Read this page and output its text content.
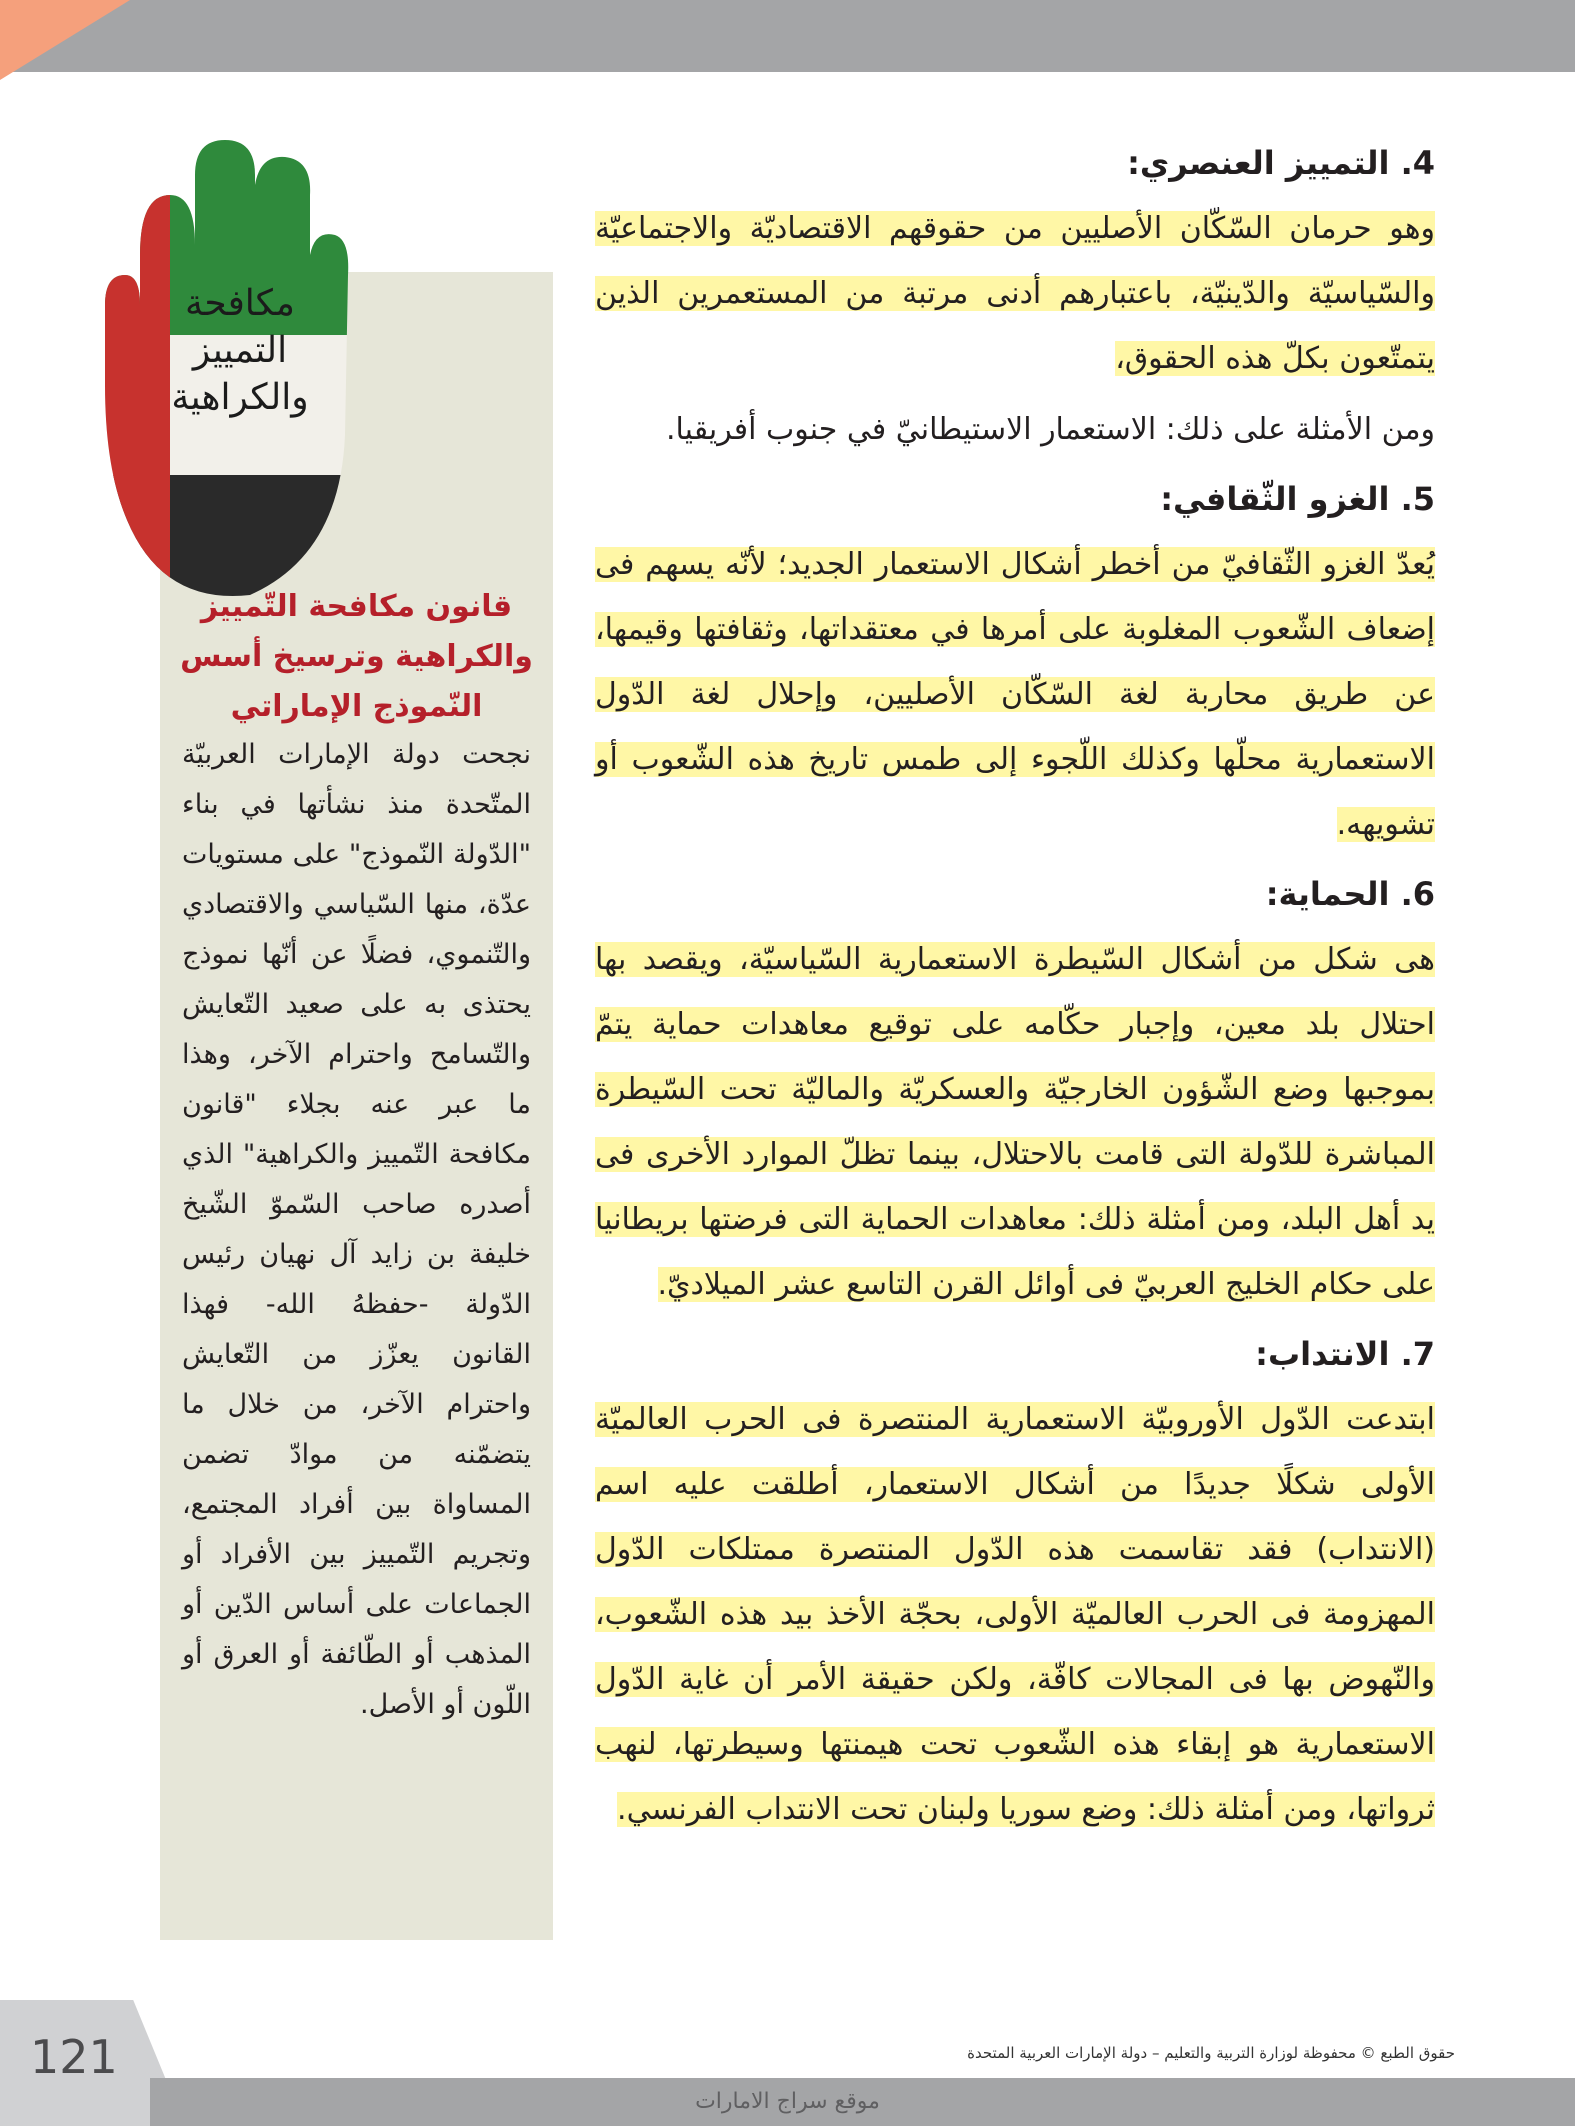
4. التمييز العنصري:

وهو حرمان السّكّان الأصليين من حقوقهم الاقتصاديّة والاجتماعيّة والسّياسيّة والدّينيّة، باعتبارهم أدنى مرتبة من المستعمرين الذين يتمتّعون بكلّ هذه الحقوق،

ومن الأمثلة على ذلك: الاستعمار الاستيطانيّ في جنوب أفريقيا.

5. الغزو الثّقافي:

يُعدّ الغزو الثّقافيّ من أخطر أشكال الاستعمار الجديد؛ لأنّه يسهم فى إضعاف الشّعوب المغلوبة على أمرها في معتقداتها، وثقافتها وقيمها، عن طريق محاربة لغة السّكّان الأصليين، وإحلال لغة الدّول الاستعمارية محلّها وكذلك اللّجوء إلى طمس تاريخ هذه الشّعوب أو تشويهه.

6. الحماية:

هى شكل من أشكال السّيطرة الاستعمارية السّياسيّة، ويقصد بها احتلال بلد معين، وإجبار حكّامه على توقيع معاهدات حماية يتمّ بموجبها وضع الشّؤون الخارجيّة والعسكريّة والماليّة تحت السّيطرة المباشرة للدّولة التى قامت بالاحتلال، بينما تظلّ الموارد الأخرى فى يد أهل البلد، ومن أمثلة ذلك: معاهدات الحماية التى فرضتها بريطانيا على حكام الخليج العربيّ فى أوائل القرن التاسع عشر الميلاديّ.

7. الانتداب:

ابتدعت الدّول الأوروبيّة الاستعمارية المنتصرة فى الحرب العالميّة الأولى شكلًا جديدًا من أشكال الاستعمار، أطلقت عليه اسم (الانتداب) فقد تقاسمت هذه الدّول المنتصرة ممتلكات الدّول المهزومة فى الحرب العالميّة الأولى، بحجّة الأخذ بيد هذه الشّعوب، والنّهوض بها فى المجالات كافّة، ولكن حقيقة الأمر أن غاية الدّول الاستعمارية هو إبقاء هذه الشّعوب تحت هيمنتها وسيطرتها، لنهب ثرواتها، ومن أمثلة ذلك: وضع سوريا ولبنان تحت الانتداب الفرنسي.

قانون مكافحة التّمييز والكراهية وترسيخ أسس النّموذج الإماراتي
نجحت دولة الإمارات العربيّة المتّحدة منذ نشأتها في بناء "الدّولة النّموذج" على مستويات عدّة، منها السّياسي والاقتصادي والتّنموي، فضلًا عن أنّها نموذج يحتذى به على صعيد التّعايش والتّسامح واحترام الآخر، وهذا ما عبر عنه بجلاء "قانون مكافحة التّمييز والكراهية" الذي أصدره صاحب السّموّ الشّيخ خليفة بن زايد آل نهيان رئيس الدّولة -حفظهُ الله- فهذا القانون يعزّز من التّعايش واحترام الآخر، من خلال ما يتضمّنه من موادّ تضمن المساواة بين أفراد المجتمع، وتجريم التّمييز بين الأفراد أو الجماعات على أساس الدّين أو المذهب أو الطّائفة أو العرق أو اللّون أو الأصل.
مكافحة
التمييز
والكراهية
121	حقوق الطبع © محفوظة لوزارة التربية والتعليم – دولة الإمارات العربية المتحدة
موقع سراج الامارات
